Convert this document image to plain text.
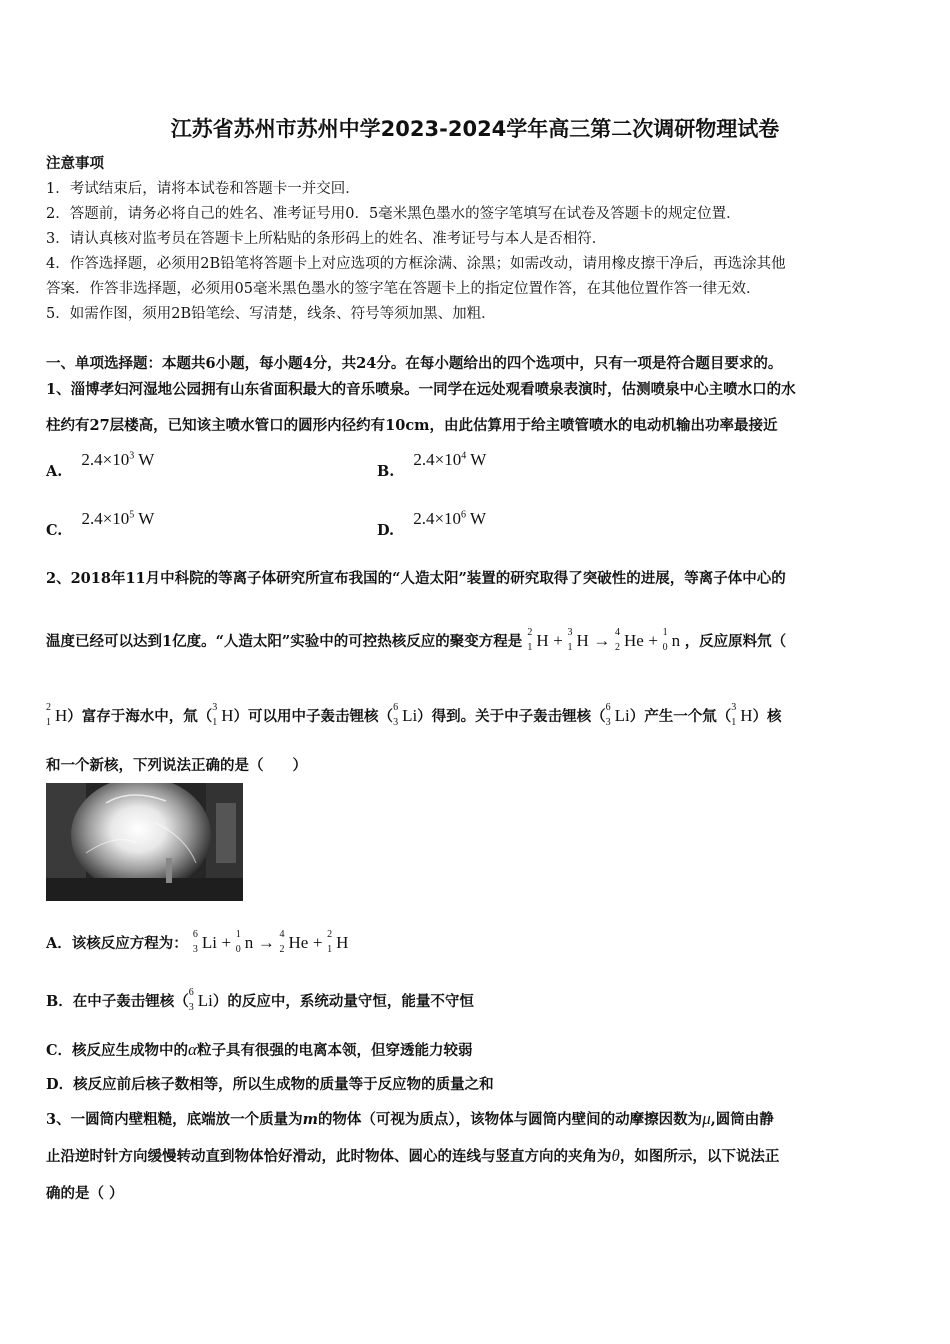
江苏省苏州市苏州中学2023-2024学年高三第二次调研物理试卷
注意事项
1．考试结束后，请将本试卷和答题卡一并交回．
2．答题前，请务必将自己的姓名、准考证号用0．5毫米黑色墨水的签字笔填写在试卷及答题卡的规定位置．
3．请认真核对监考员在答题卡上所粘贴的条形码上的姓名、准考证号与本人是否相符．
4．作答选择题，必须用2B铅笔将答题卡上对应选项的方框涂满、涂黑；如需改动，请用橡皮擦干净后，再选涂其他
答案．作答非选择题，必须用05毫米黑色墨水的签字笔在答题卡上的指定位置作答，在其他位置作答一律无效．
5．如需作图，须用2B铅笔绘、写清楚，线条、符号等须加黑、加粗．
一、单项选择题：本题共6小题，每小题4分，共24分。在每小题给出的四个选项中，只有一项是符合题目要求的。
1、淄博孝妇河湿地公园拥有山东省面积最大的音乐喷泉。一同学在远处观看喷泉表演时，估测喷泉中心主喷水口的水
柱约有27层楼高，已知该主喷水管口的圆形内径约有10cm，由此估算用于给主喷管喷水的电动机输出功率最接近
A. $2.4\times 10^3$ W
B. $2.4\times 10^4$ W
C. $2.4\times 10^5$ W
D. $2.4\times 10^6$ W
2、2018年11月中科院的等离子体研究所宣布我国的“人造太阳”装置的研究取得了突破性的进展，等离子体中心的
温度已经可以达到1亿度。“人造太阳”实验中的可控热核反应的聚变方程是
2
1 H + 3
1 H → 4
2 He + 1
0 n ，反应原料氘（
2
1 H）富存于海水中，氚（
3
1 H）可以用中子轰击锂核（
6
3 Li）得到。关于中子轰击锂核（
6
3 Li）产生一个氚（
3
1 H）核
和一个新核，下列说法正确的是（　　）
A．该核反应方程为：
6
3 Li + 1
0 n → 4
2 He + 2
1 H
B．在中子轰击锂核（
6
3 Li）的反应中，系统动量守恒，能量不守恒
C．核反应生成物中的α粒子具有很强的电离本领，但穿透能力较弱
D．核反应前后核子数相等，所以生成物的质量等于反应物的质量之和
3、一圆筒内壁粗糙，底端放一个质量为m的物体（可视为质点），该物体与圆筒内壁间的动摩擦因数为μ,圆筒由静
止沿逆时针方向缓慢转动直到物体恰好滑动，此时物体、圆心的连线与竖直方向的夹角为θ，如图所示，以下说法正
确的是（ ）
